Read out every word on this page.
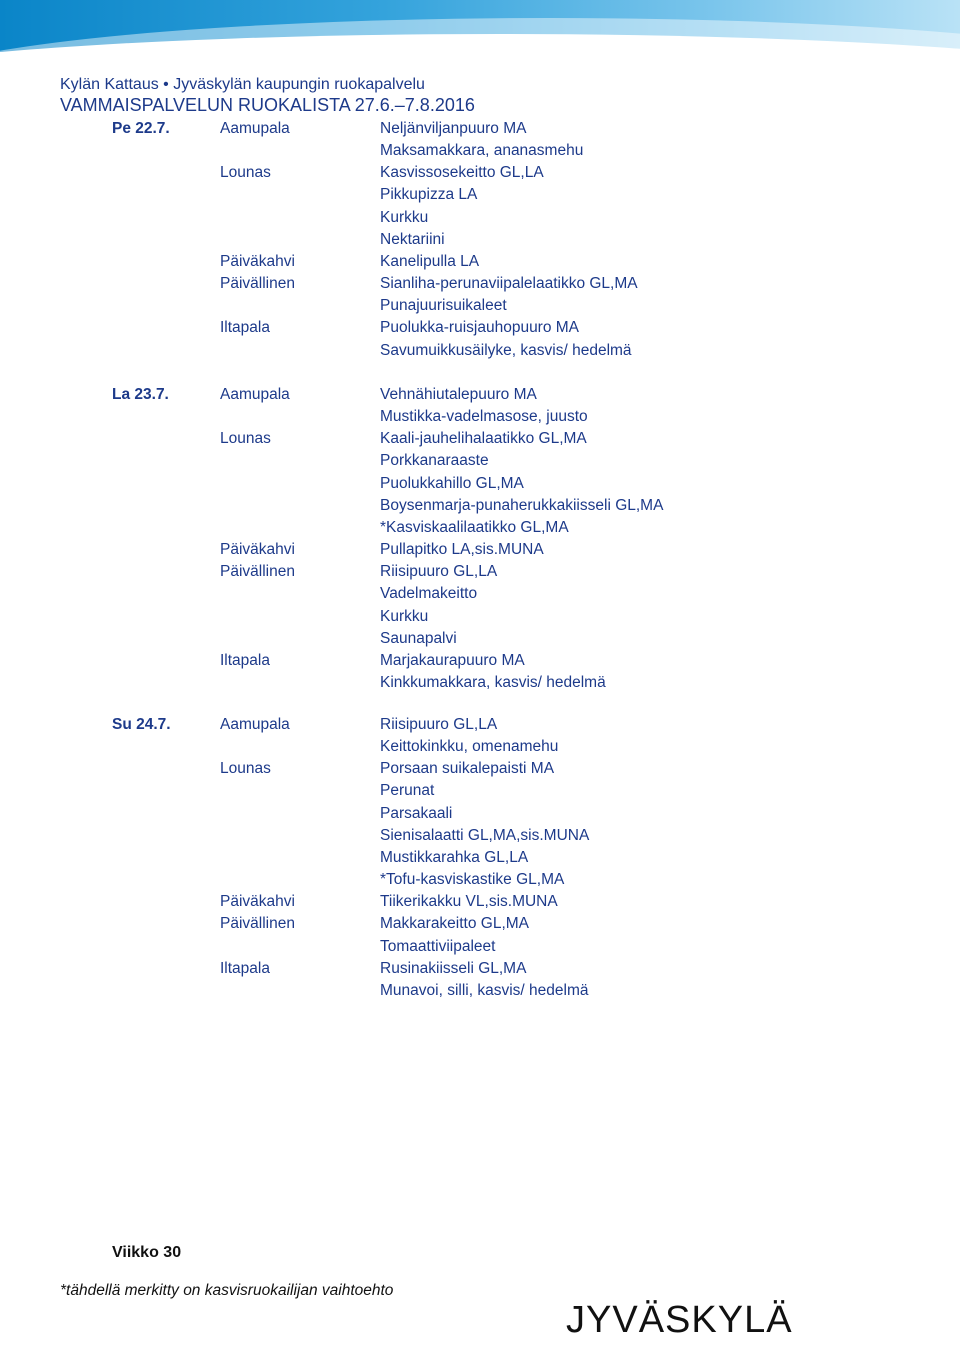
Kylän Kattaus • Jyväskylän kaupungin ruokapalvelu
VAMMAISPALVELUN RUOKALISTA 27.6.–7.8.2016
Pe 22.7.	Aamupala	Neljänviljanpuuro MA
Maksamakkara, ananasmehu
Lounas	Kasvissosekeitto GL,LA
Pikkupizza LA
Kurkku
Nektariini
Päiväkahvi	Kanelipulla LA
Päivällinen	Sianliha-perunaviipalelaatikko GL,MA
Punajuurisuikaleet
Iltapala	Puolukka-ruisjauhopuuro MA
Savumuikkusäilyke, kasvis/ hedelmä
La 23.7.	Aamupala	Vehnähiutalepuuro MA
Mustikka-vadelmasose, juusto
Lounas	Kaali-jauhelihalaatikko GL,MA
Porkkanaraaste
Puolukkahillo GL,MA
Boysenmarja-punaherukkakiisseli GL,MA
*Kasviskaalilaatikko GL,MA
Päiväkahvi	Pullapitko LA,sis.MUNA
Päivällinen	Riisipuuro GL,LA
Vadelmakeitto
Kurkku
Saunapalvi
Iltapala	Marjakaurapuuro MA
Kinkkumakkara, kasvis/ hedelmä
Su 24.7.	Aamupala	Riisipuuro GL,LA
Keittokinkku, omenamehu
Lounas	Porsaan suikalepaisti MA
Perunat
Parsakaali
Sienisalaatti GL,MA,sis.MUNA
Mustikkarahka GL,LA
*Tofu-kasviskastike GL,MA
Päiväkahvi	Tiikerikakku VL,sis.MUNA
Päivällinen	Makkarakeitto GL,MA
Tomaattiviipaleet
Iltapala	Rusinakiisseli GL,MA
Munavoi, silli, kasvis/ hedelmä
Viikko 30
*tähdellä merkitty on kasvisruokailijan vaihtoehto
JYVÄSKYLÄ
